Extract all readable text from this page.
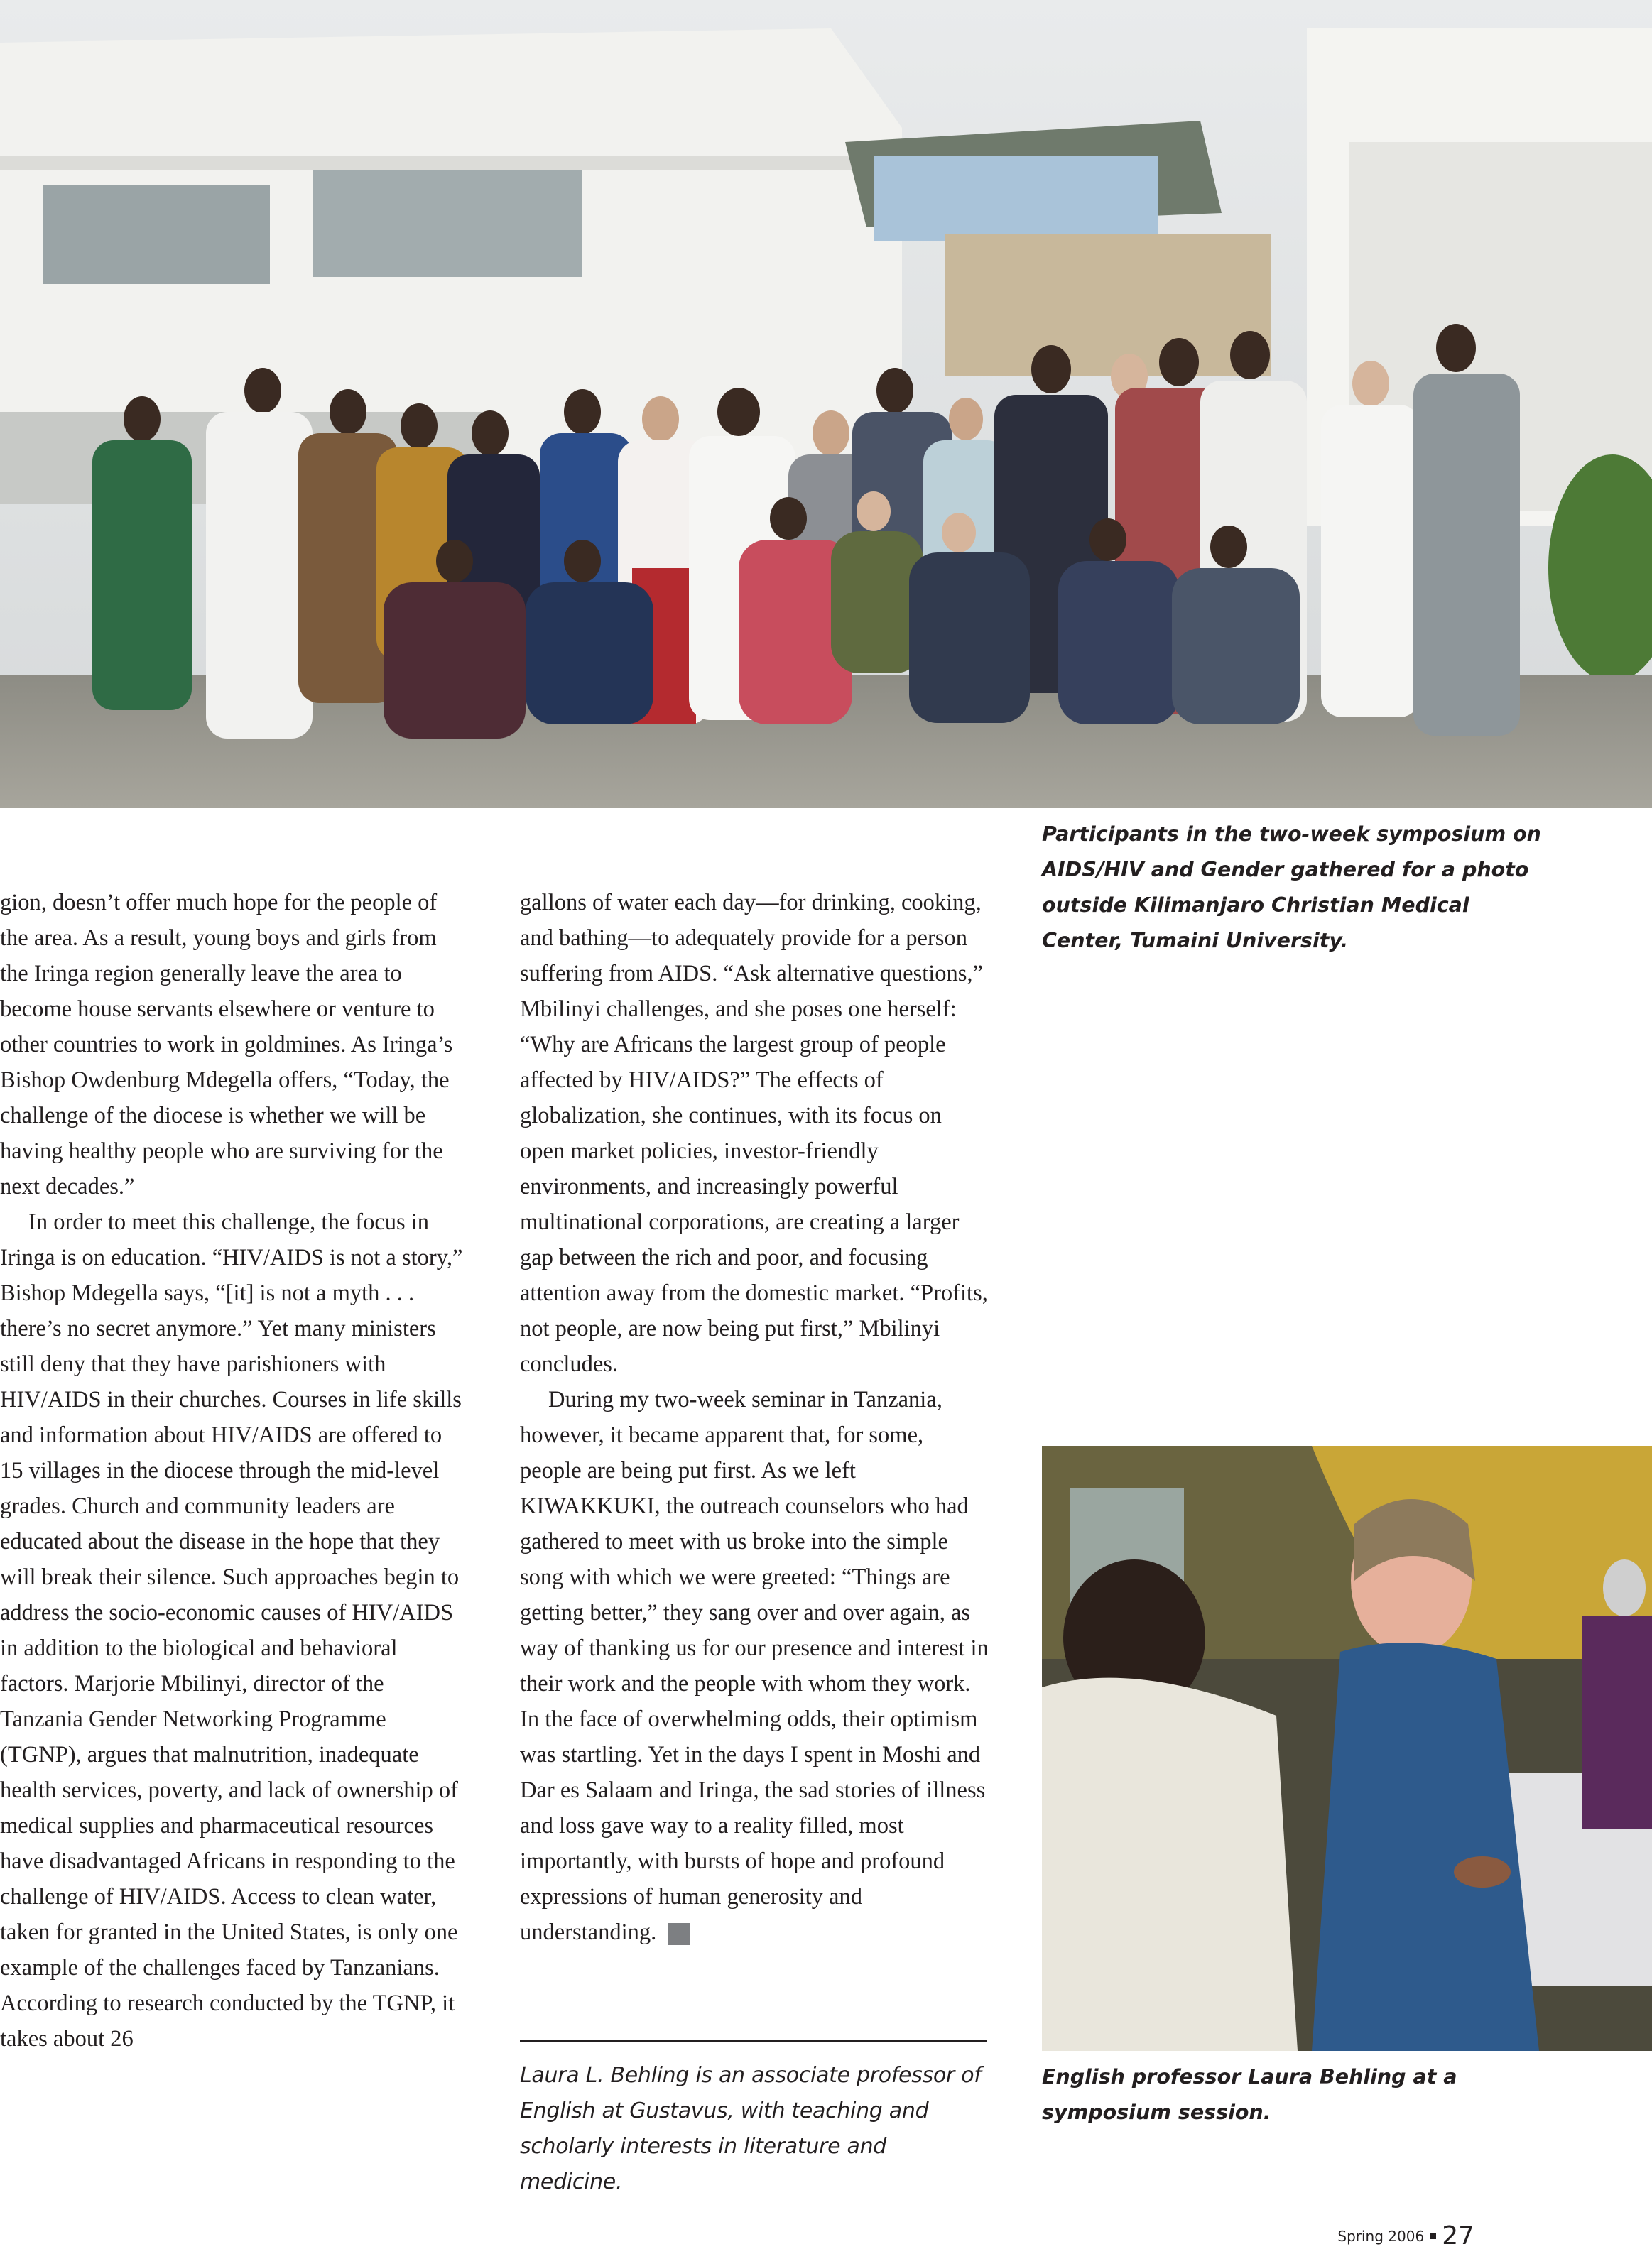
Participants in the two-week symposium on AIDS/HIV and Gender gathered for a photo outside Kilimanjaro Christian Medical Center, Tumaini University.

gion, doesn’t offer much hope for the people of the area. As a result, young boys and girls from the Iringa region generally leave the area to become house servants elsewhere or venture to other countries to work in goldmines. As Iringa’s Bishop Owdenburg Mdegella offers, “Today, the challenge of the diocese is whether we will be having healthy people who are surviving for the next decades.”

In order to meet this challenge, the focus in Iringa is on education. “HIV/AIDS is not a story,” Bishop Mdegella says, “[it] is not a myth . . . there’s no secret anymore.” Yet many ministers still deny that they have parishioners with HIV/AIDS in their churches. Courses in life skills and information about HIV/AIDS are offered to 15 villages in the diocese through the mid-level grades. Church and community leaders are educated about the disease in the hope that they will break their silence. Such approaches begin to address the socio-economic causes of HIV/AIDS in addition to the biological and behavioral factors. Marjorie Mbilinyi, director of the Tanzania Gender Networking Programme (TGNP), argues that malnutrition, inadequate health services, poverty, and lack of ownership of medical supplies and pharmaceutical resources have disadvantaged Africans in responding to the challenge of HIV/AIDS. Access to clean water, taken for granted in the United States, is only one example of the challenges faced by Tanzanians. According to research conducted by the TGNP, it takes about 26

gallons of water each day—for drinking, cooking, and bathing—to adequately provide for a person suffering from AIDS. “Ask alternative questions,” Mbilinyi challenges, and she poses one herself: “Why are Africans the largest group of people affected by HIV/AIDS?” The effects of globalization, she continues, with its focus on open market policies, investor-friendly environments, and increasingly powerful multinational corporations, are creating a larger gap between the rich and poor, and focusing attention away from the domestic market. “Profits, not people, are now being put first,” Mbilinyi concludes.

During my two-week seminar in Tanzania, however, it became apparent that, for some, people are being put first. As we left KIWAKKUKI, the outreach counselors who had gathered to meet with us broke into the simple song with which we were greeted: “Things are getting better,” they sang over and over again, as way of thanking us for our presence and interest in their work and the people with whom they work. In the face of overwhelming odds, their optimism was startling. Yet in the days I spent in Moshi and Dar es Salaam and Iringa, the sad stories of illness and loss gave way to a reality filled, most importantly, with bursts of hope and profound expressions of human generosity and understanding. G

Laura L. Behling is an associate professor of English at Gustavus, with teaching and scholarly interests in literature and medicine.
English professor Laura Behling at a symposium session.
Spring 2006 27
